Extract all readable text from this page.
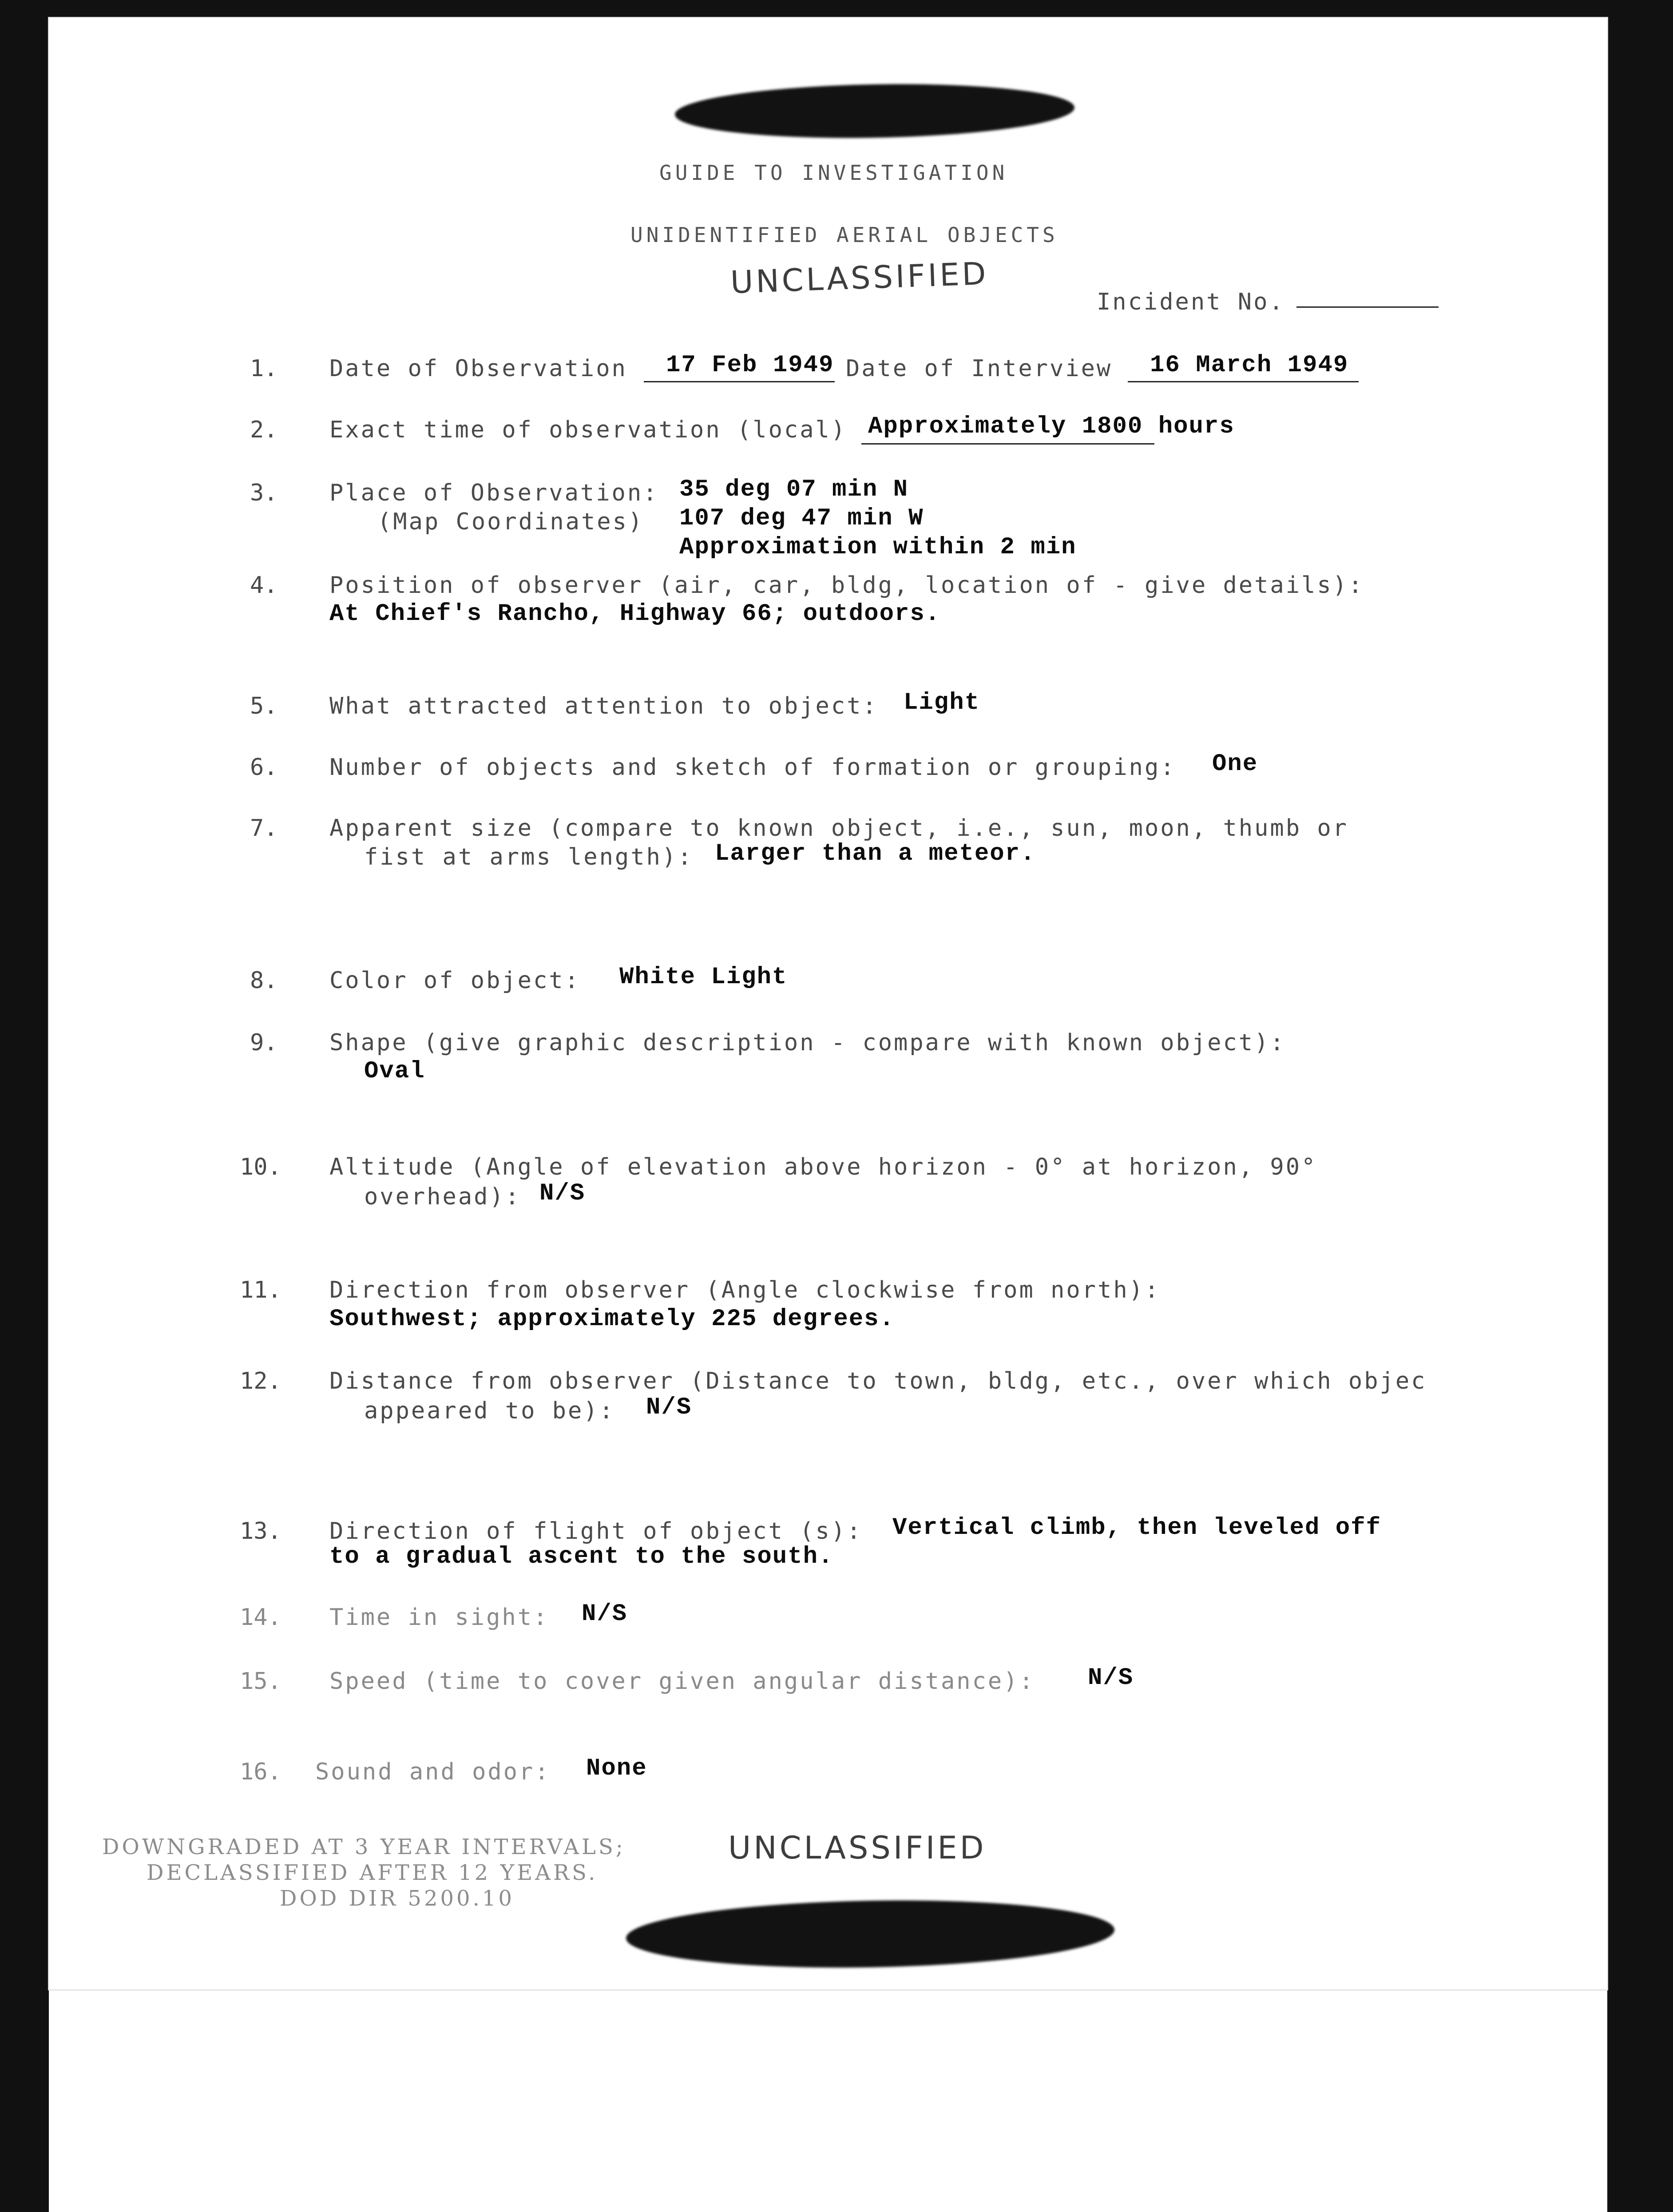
GUIDE TO INVESTIGATION
UNIDENTIFIED AERIAL OBJECTS
UNCLASSIFIED
Incident No.
1. Date of Observation 17 Feb 1949 Date of Interview 16 March 1949
2. Exact time of observation (local) Approximately 1800 hours
3. Place of Observation:
(Map Coordinates)
35 deg 07 min N
107 deg 47 min W
Approximation within 2 min
4. Position of observer (air, car, bldg, location of - give details):
At Chief's Rancho, Highway 66; outdoors.
5. What attracted attention to object: Light
6. Number of objects and sketch of formation or grouping: One
7. Apparent size (compare to known object, i.e., sun, moon, thumb or
fist at arms length): Larger than a meteor.
8. Color of object: White Light
9. Shape (give graphic description - compare with known object):
Oval
10. Altitude (Angle of elevation above horizon - 0° at horizon, 90°
overhead): N/S
11. Direction from observer (Angle clockwise from north):
Southwest; approximately 225 degrees.
12. Distance from observer (Distance to town, bldg, etc., over which objec
appeared to be): N/S
13. Direction of flight of object (s): Vertical climb, then leveled off
to a gradual ascent to the south.
14. Time in sight: N/S
15. Speed (time to cover given angular distance): N/S
16. Sound and odor: None
DOWNGRADED AT 3 YEAR INTERVALS;
DECLASSIFIED AFTER 12 YEARS.
DOD DIR 5200.10
UNCLASSIFIED
